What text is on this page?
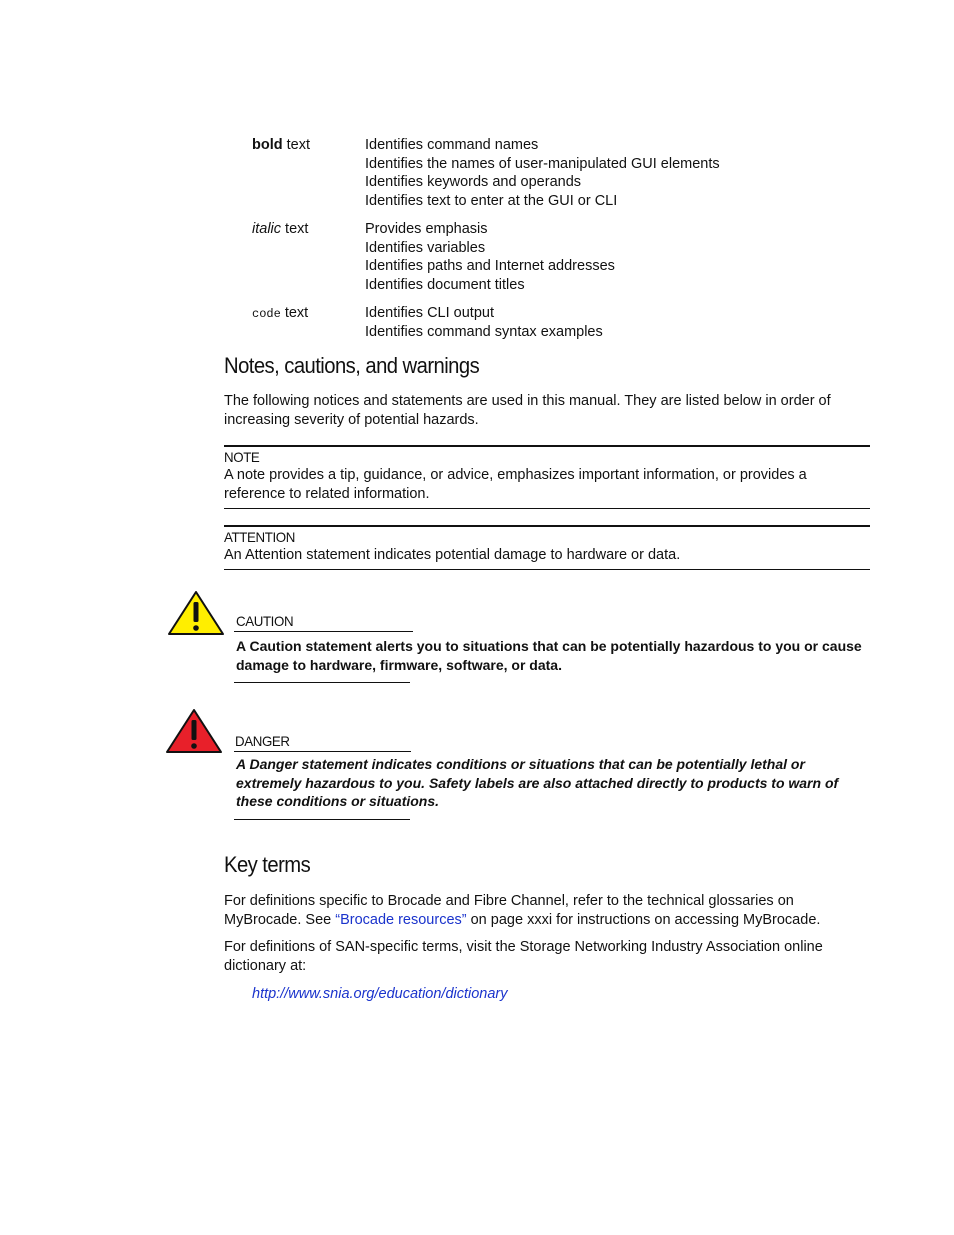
bold text	Identifies command names
Identifies the names of user-manipulated GUI elements
Identifies keywords and operands
Identifies text to enter at the GUI or CLI
italic text	Provides emphasis
Identifies variables
Identifies paths and Internet addresses
Identifies document titles
code text	Identifies CLI output
Identifies command syntax examples
Notes, cautions, and warnings
The following notices and statements are used in this manual. They are listed below in order of increasing severity of potential hazards.
NOTE
A note provides a tip, guidance, or advice, emphasizes important information, or provides a reference to related information.
ATTENTION
An Attention statement indicates potential damage to hardware or data.
CAUTION
A Caution statement alerts you to situations that can be potentially hazardous to you or cause damage to hardware, firmware, software, or data.
DANGER
A Danger statement indicates conditions or situations that can be potentially lethal or extremely hazardous to you. Safety labels are also attached directly to products to warn of these conditions or situations.
Key terms
For definitions specific to Brocade and Fibre Channel, refer to the technical glossaries on MyBrocade. See “Brocade resources” on page xxxi for instructions on accessing MyBrocade.
For definitions of SAN-specific terms, visit the Storage Networking Industry Association online dictionary at:
http://www.snia.org/education/dictionary
